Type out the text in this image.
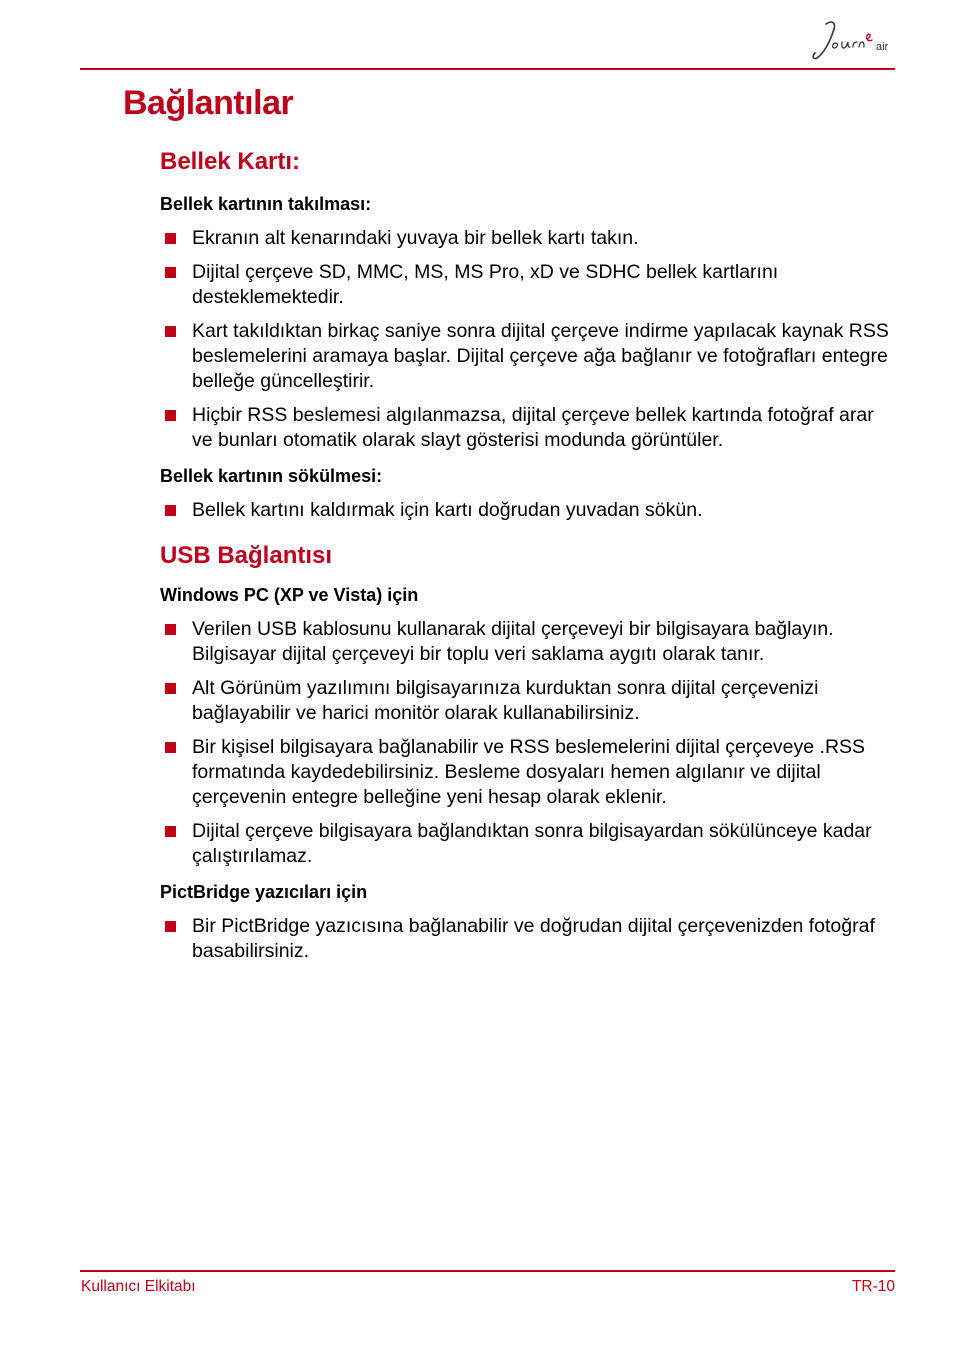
air
Bağlantılar
Bellek Kartı:
Bellek kartının takılması:
Ekranın alt kenarındaki yuvaya bir bellek kartı takın.
Dijital çerçeve SD, MMC, MS, MS Pro, xD ve SDHC bellek kartlarını desteklemektedir.
Kart takıldıktan birkaç saniye sonra dijital çerçeve indirme yapılacak kaynak RSS beslemelerini aramaya başlar. Dijital çerçeve ağa bağlanır ve fotoğrafları entegre belleğe güncelleştirir.
Hiçbir RSS beslemesi algılanmazsa, dijital çerçeve bellek kartında fotoğraf arar ve bunları otomatik olarak slayt gösterisi modunda görüntüler.
Bellek kartının sökülmesi:
Bellek kartını kaldırmak için kartı doğrudan yuvadan sökün.
USB Bağlantısı
Windows PC (XP ve Vista) için
Verilen USB kablosunu kullanarak dijital çerçeveyi bir bilgisayara bağlayın. Bilgisayar dijital çerçeveyi bir toplu veri saklama aygıtı olarak tanır.
Alt Görünüm yazılımını bilgisayarınıza kurduktan sonra dijital çerçevenizi bağlayabilir ve harici monitör olarak kullanabilirsiniz.
Bir kişisel bilgisayara bağlanabilir ve RSS beslemelerini dijital çerçeveye .RSS formatında kaydedebilirsiniz. Besleme dosyaları hemen algılanır ve dijital çerçevenin entegre belleğine yeni hesap olarak eklenir.
Dijital çerçeve bilgisayara bağlandıktan sonra bilgisayardan sökülünceye kadar çalıştırılamaz.
PictBridge yazıcıları için
Bir PictBridge yazıcısına bağlanabilir ve doğrudan dijital çerçevenizden fotoğraf basabilirsiniz.
Kullanıcı Elkitabı	TR-10
